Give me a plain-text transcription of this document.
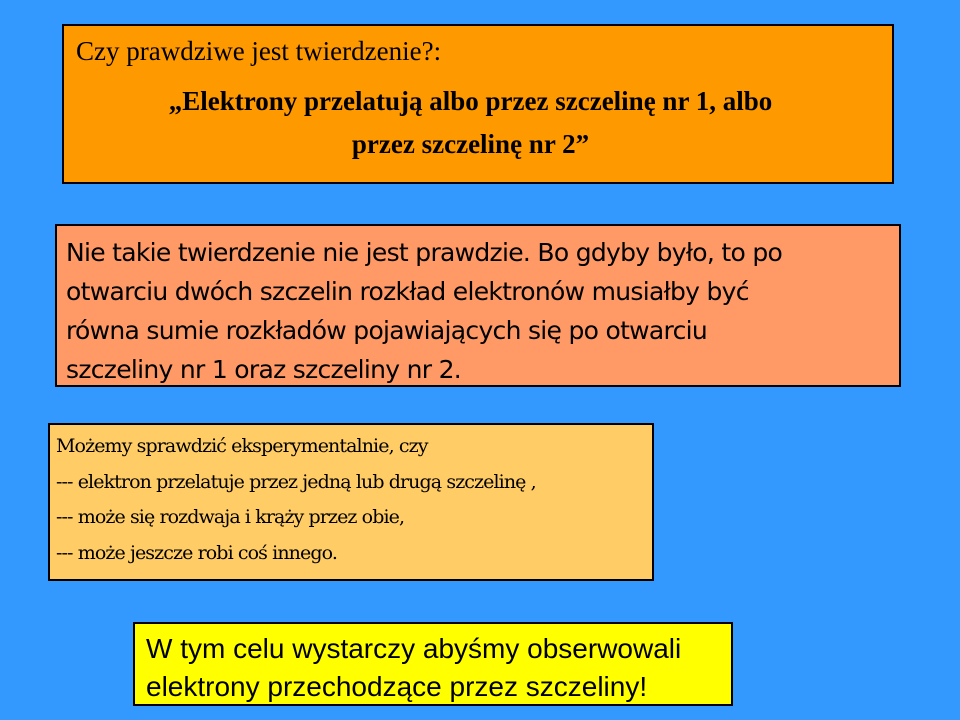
Czy prawdziwe jest twierdzenie?:
„Elektrony przelatują albo przez szczelinę nr 1, albo
przez szczelinę nr 2”
Nie takie twierdzenie nie jest prawdzie. Bo gdyby było, to po
otwarciu dwóch szczelin rozkład elektronów musiałby być
równa sumie rozkładów pojawiających się po otwarciu
szczeliny nr 1 oraz szczeliny nr 2.
Możemy sprawdzić eksperymentalnie, czy
--- elektron przelatuje przez jedną lub drugą szczelinę ,
--- może się rozdwaja i krąży przez obie,
--- może jeszcze robi coś innego.
W tym celu wystarczy abyśmy obserwowali
elektrony przechodzące przez szczeliny!
